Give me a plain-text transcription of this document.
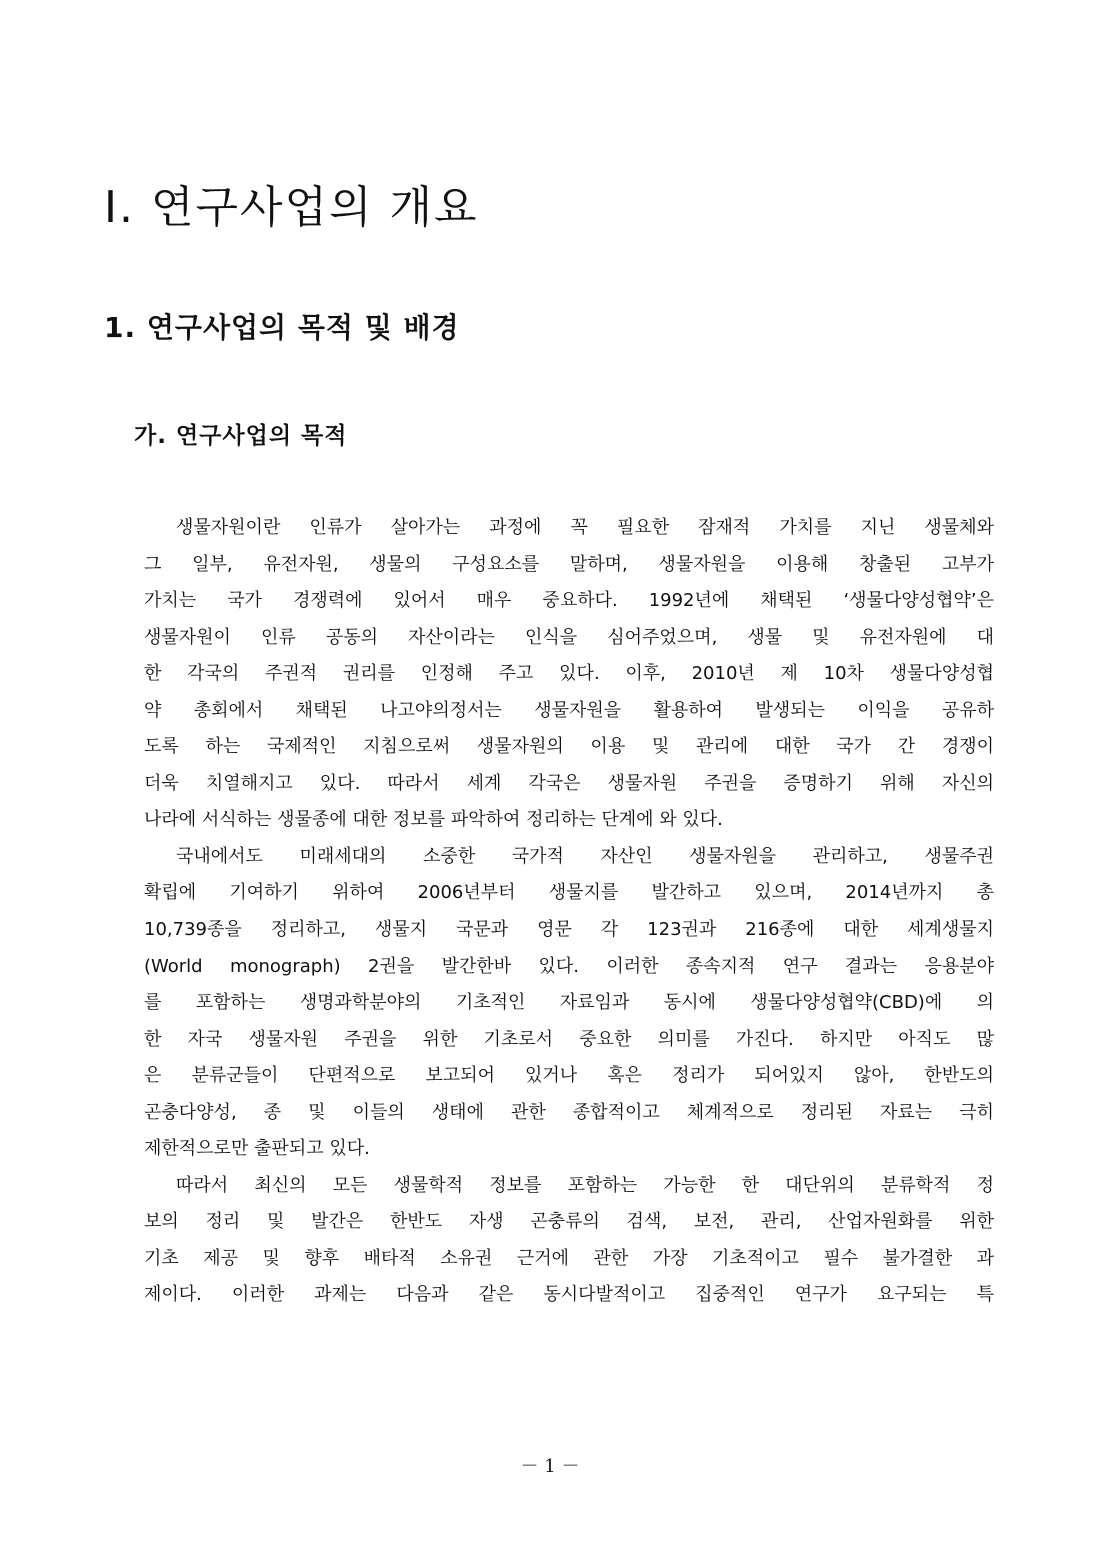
I. 연구사업의 개요
1. 연구사업의 목적 및 배경
가. 연구사업의 목적
생물자원이란 인류가 살아가는 과정에 꼭 필요한 잠재적 가치를 지닌 생물체와
그 일부, 유전자원, 생물의 구성요소를 말하며, 생물자원을 이용해 창출된 고부가
가치는 국가 경쟁력에 있어서 매우 중요하다. 1992년에 채택된 ‘생물다양성협약’은
생물자원이 인류 공동의 자산이라는 인식을 심어주었으며, 생물 및 유전자원에 대
한 각국의 주권적 권리를 인정해 주고 있다. 이후, 2010년 제 10차 생물다양성협
약 총회에서 채택된 나고야의정서는 생물자원을 활용하여 발생되는 이익을 공유하
도록 하는 국제적인 지침으로써 생물자원의 이용 및 관리에 대한 국가 간 경쟁이
더욱 치열해지고 있다. 따라서 세계 각국은 생물자원 주권을 증명하기 위해 자신의
나라에 서식하는 생물종에 대한 정보를 파악하여 정리하는 단계에 와 있다.
국내에서도 미래세대의 소중한 국가적 자산인 생물자원을 관리하고, 생물주권
확립에 기여하기 위하여 2006년부터 생물지를 발간하고 있으며, 2014년까지 총
10,739종을 정리하고, 생물지 국문과 영문 각 123권과 216종에 대한 세계생물지
(World monograph) 2권을 발간한바 있다. 이러한 종속지적 연구 결과는 응용분야
를 포함하는 생명과학분야의 기초적인 자료임과 동시에 생물다양성협약(CBD)에 의
한 자국 생물자원 주권을 위한 기초로서 중요한 의미를 가진다. 하지만 아직도 많
은 분류군들이 단편적으로 보고되어 있거나 혹은 정리가 되어있지 않아, 한반도의
곤충다양성, 종 및 이들의 생태에 관한 종합적이고 체계적으로 정리된 자료는 극히
제한적으로만 출판되고 있다.
따라서 최신의 모든 생물학적 정보를 포함하는 가능한 한 대단위의 분류학적 정
보의 정리 및 발간은 한반도 자생 곤충류의 검색, 보전, 관리, 산업자원화를 위한
기초 제공 및 향후 배타적 소유권 근거에 관한 가장 기초적이고 필수 불가결한 과
제이다. 이러한 과제는 다음과 같은 동시다발적이고 집중적인 연구가 요구되는 특
－ 1 －
